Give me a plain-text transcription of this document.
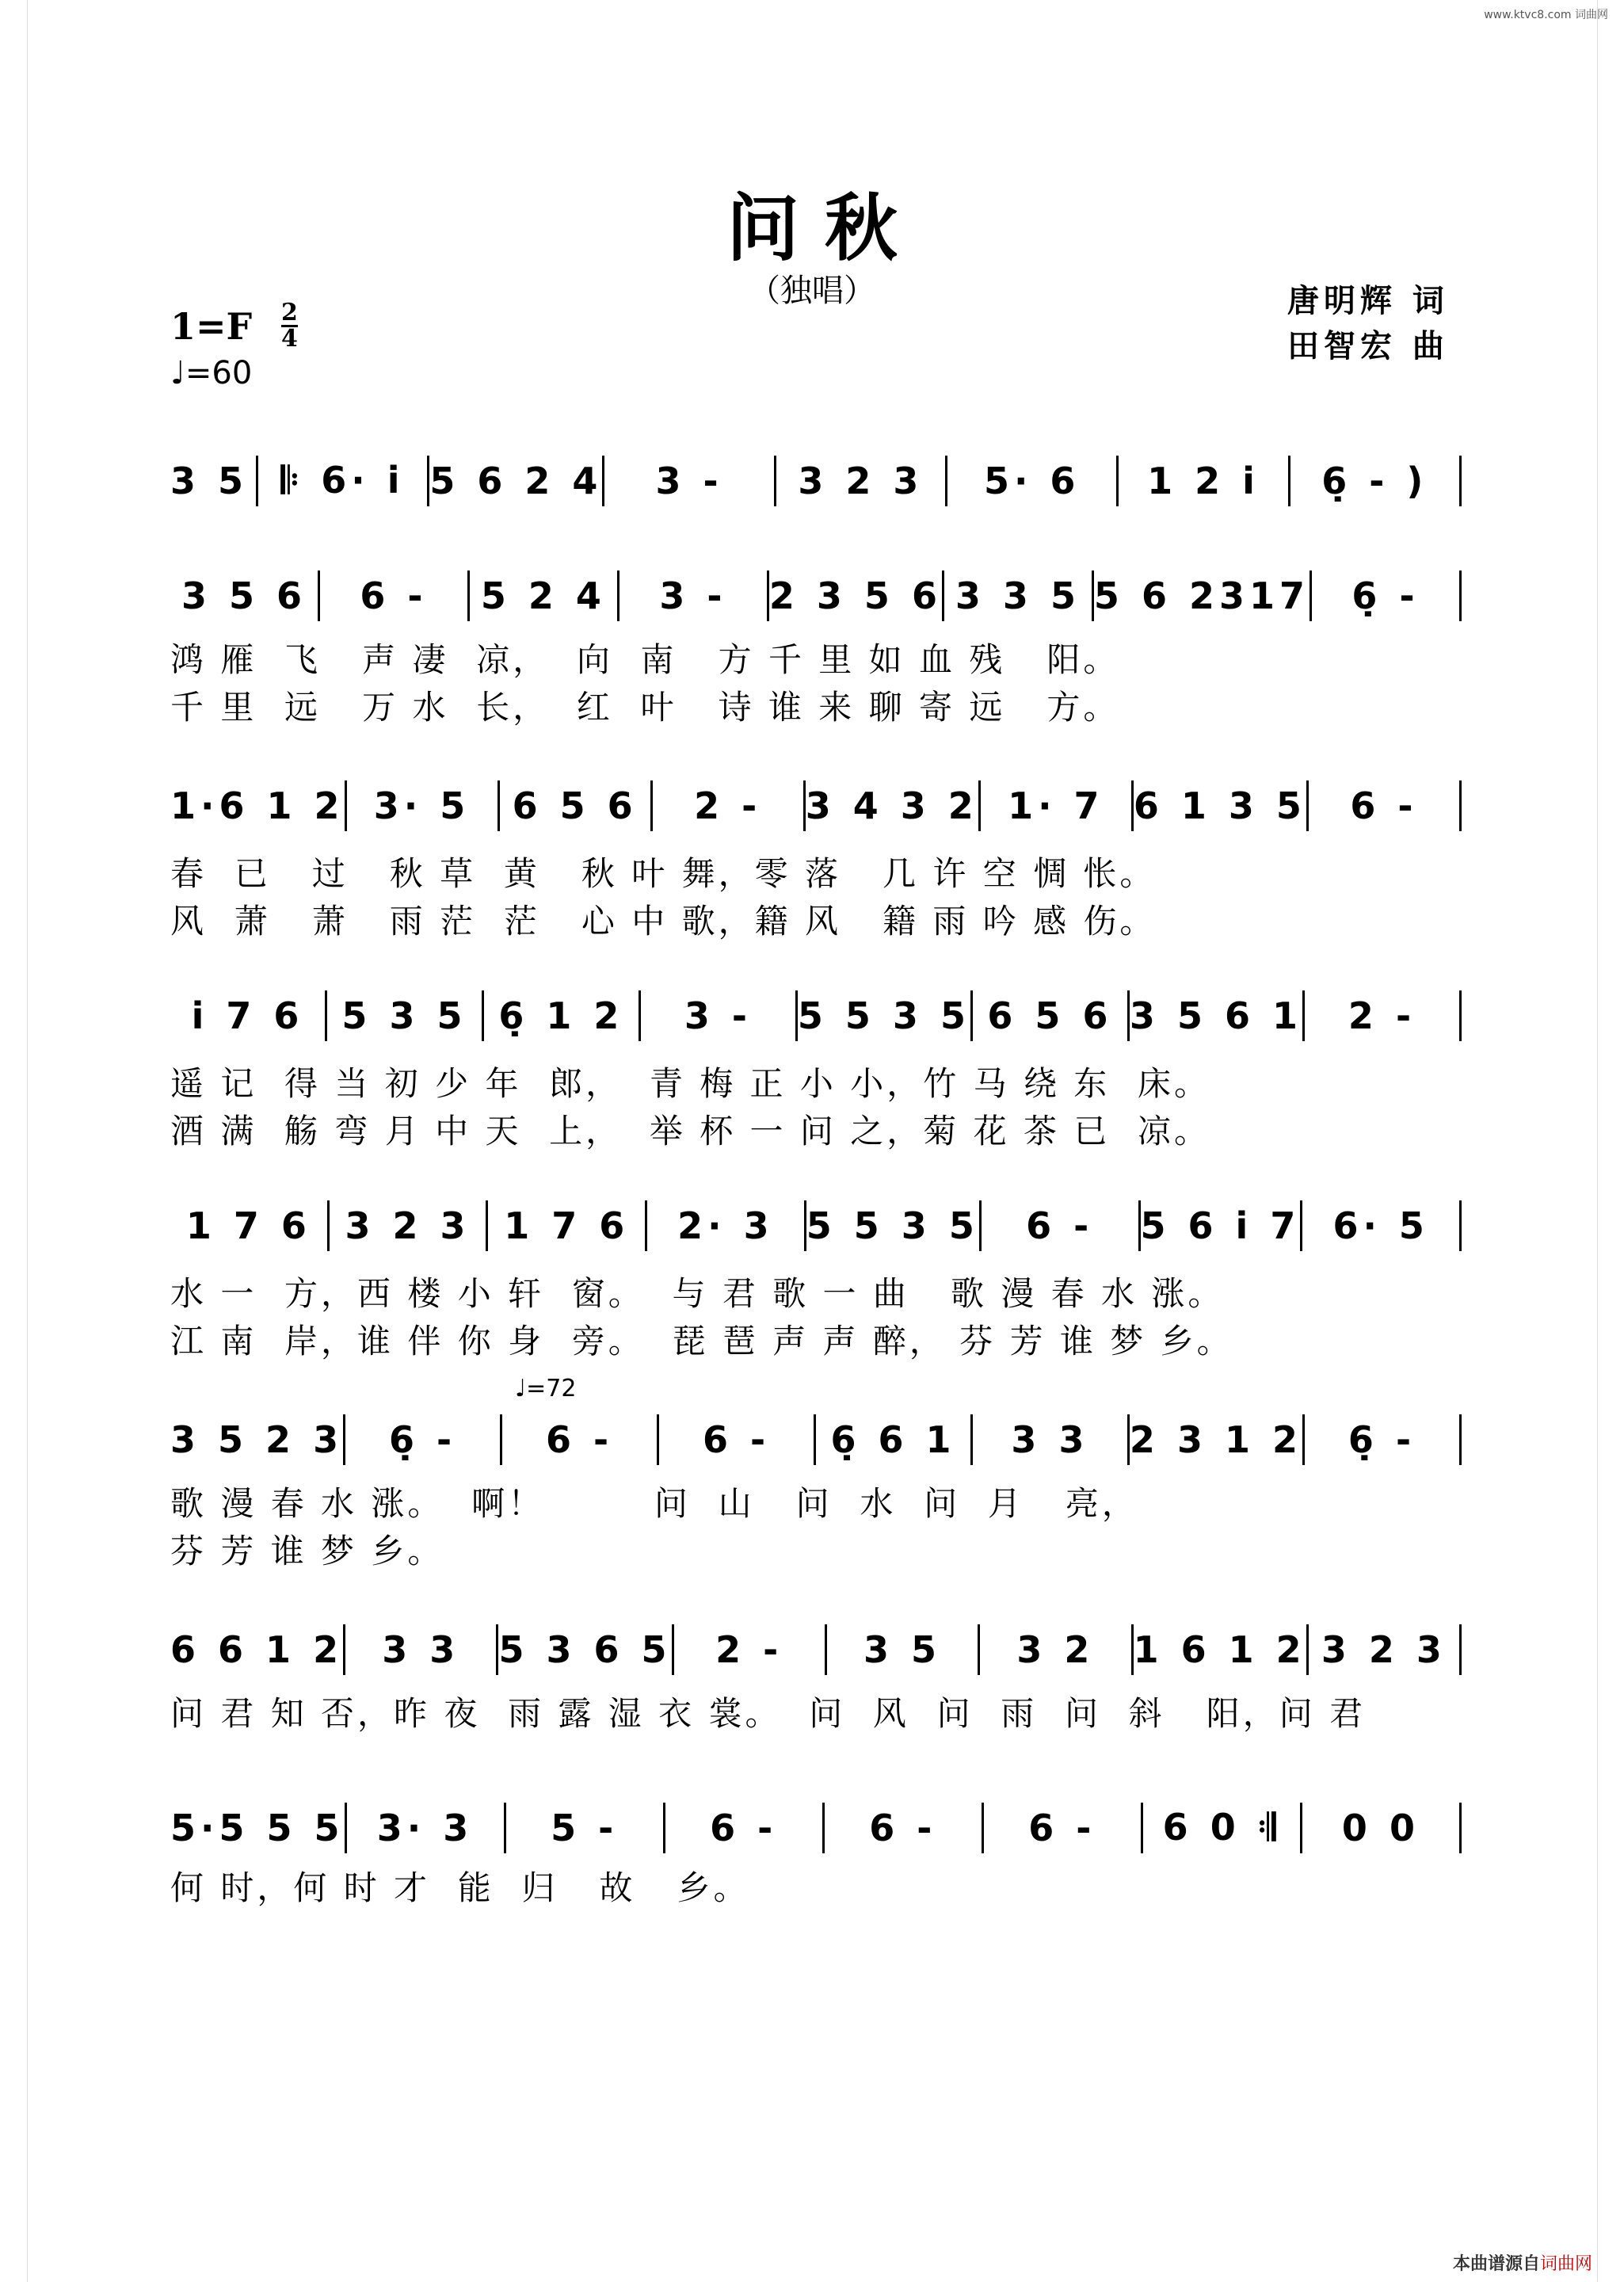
www.ktvc8.com 词曲网
问 秋
（独唱）	唐明辉 词
田智宏 曲
1=F 2
4
♩=60
♩=72
3 5 𝄆 6· i 5 6 2 4	3 -	3 2 3	5· 6	1 2 i	6̣ - )
3 5 6	6 -	5 2 4	3 -	2 3 5 6 3 3 5 5 6 2317	6̣ -
鸿 雁  飞   声 凄  凉，  向  南   方 千 里 如 血 残   阳。
千 里  远   万 水  长，  红  叶   诗 谁 来 聊 寄 远   方。
1·6 1 2 3· 5	6 5 6	2 -	3 4 3 2 1· 7 6 1 3 5	6 -
春  已   过   秋 草  黄   秋 叶 舞，零 落   几 许 空 惆 怅。
风  萧   萧   雨 茫  茫   心 中 歌，籍 风   籍 雨 吟 感 伤。
i 7 6	5 3 5 6̣ 1 2	3 -	5 5 3 5 6 5 6 3 5 6 1	2 -
遥 记  得 当 初 少 年  郎，  青 梅 正 小 小，竹 马 绕 东  床。
酒 满  觞 弯 月 中 天  上，  举 杯 一 问 之，菊 花 茶 已  凉。
1 7 6 3 2 3 1 7 6	2· 3 5 5 3 5	6 -	5 6 i 7 6· 5
水 一  方，西 楼 小 轩  窗。  与 君 歌 一 曲   歌 漫 春 水 涨。
江 南  岸，谁 伴 你 身  旁。  琵 琶 声 声 醉， 芬 芳 谁 梦 乡。
3 5 2 3	6̣ -	6 -	6 -	6̣ 6 1	3 3	2 3 1 2	6̣ -
歌 漫 春 水 涨。  啊！        问  山   问  水  问  月   亮，
芬 芳 谁 梦 乡。
6 6 1 2	3 3	5 3 6 5	2 -	3 5	3 2	1 6 1 2 3 2 3
问 君 知 否，昨 夜  雨 露 湿 衣 裳。  问  风  问  雨  问  斜   阳，问 君
5·5 5 5 3· 3	5 -	6 -	6 -	6 -	6 0 𝄇	0 0
何 时，何 时 才  能  归   故   乡。
本曲谱源自词曲网
